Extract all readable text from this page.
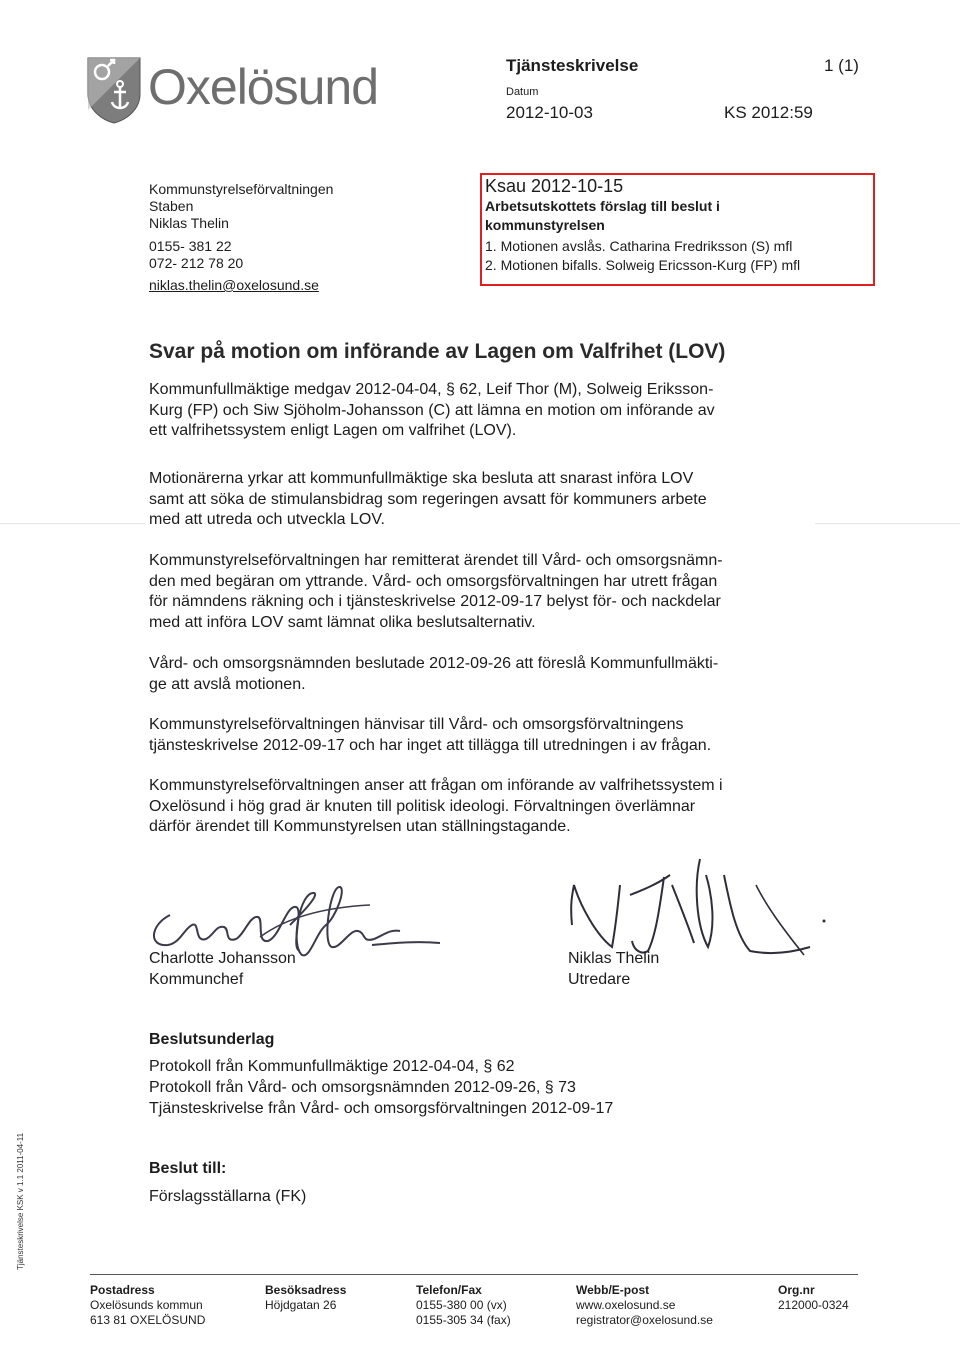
Oxelösund	Tjänsteskrivelse	1 (1)
Datum
2012-10-03	KS 2012:59
Kommunstyrelseförvaltningen
Staben
Niklas Thelin
0155- 381 22
072- 212 78 20
niklas.thelin@oxelosund.se
Ksau 2012-10-15
Arbetsutskottets förslag till beslut i
kommunstyrelsen
1. Motionen avslås. Catharina Fredriksson (S) mfl
2. Motionen bifalls. Solweig Ericsson-Kurg (FP) mfl
Svar på motion om införande av Lagen om Valfrihet (LOV)
Kommunfullmäktige medgav 2012-04-04, § 62, Leif Thor (M), Solweig Eriksson-
Kurg (FP) och Siw Sjöholm-Johansson (C) att lämna en motion om införande av
ett valfrihetssystem enligt Lagen om valfrihet (LOV).
Motionärerna yrkar att kommunfullmäktige ska besluta att snarast införa LOV
samt att söka de stimulansbidrag som regeringen avsatt för kommuners arbete
med att utreda och utveckla LOV.
Kommunstyrelseförvaltningen har remitterat ärendet till Vård- och omsorgsnämn-
den med begäran om yttrande. Vård- och omsorgsförvaltningen har utrett frågan
för nämndens räkning och i tjänsteskrivelse 2012-09-17 belyst för- och nackdelar
med att införa LOV samt lämnat olika beslutsalternativ.
Vård- och omsorgsnämnden beslutade 2012-09-26 att föreslå Kommunfullmäkti-
ge att avslå motionen.
Kommunstyrelseförvaltningen hänvisar till Vård- och omsorgsförvaltningens
tjänsteskrivelse 2012-09-17 och har inget att tillägga till utredningen i av frågan.
Kommunstyrelseförvaltningen anser att frågan om införande av valfrihetssystem i
Oxelösund i hög grad är knuten till politisk ideologi. Förvaltningen överlämnar
därför ärendet till Kommunstyrelsen utan ställningstagande.
Charlotte Johansson
Kommunchef
Niklas Thelin
Utredare
Beslutsunderlag
Protokoll från Kommunfullmäktige 2012-04-04, § 62
Protokoll från Vård- och omsorgsnämnden 2012-09-26, § 73
Tjänsteskrivelse från Vård- och omsorgsförvaltningen 2012-09-17
Beslut till:
Förslagsställarna (FK)
Tjänsteskrivelse KSK v 1.1 2011-04-11
Postadress
Oxelösunds kommun
613 81 OXELÖSUND
Besöksadress
Höjdgatan 26
Telefon/Fax
0155-380 00 (vx)
0155-305 34 (fax)
Webb/E-post
www.oxelosund.se
registrator@oxelosund.se
Org.nr
212000-0324
